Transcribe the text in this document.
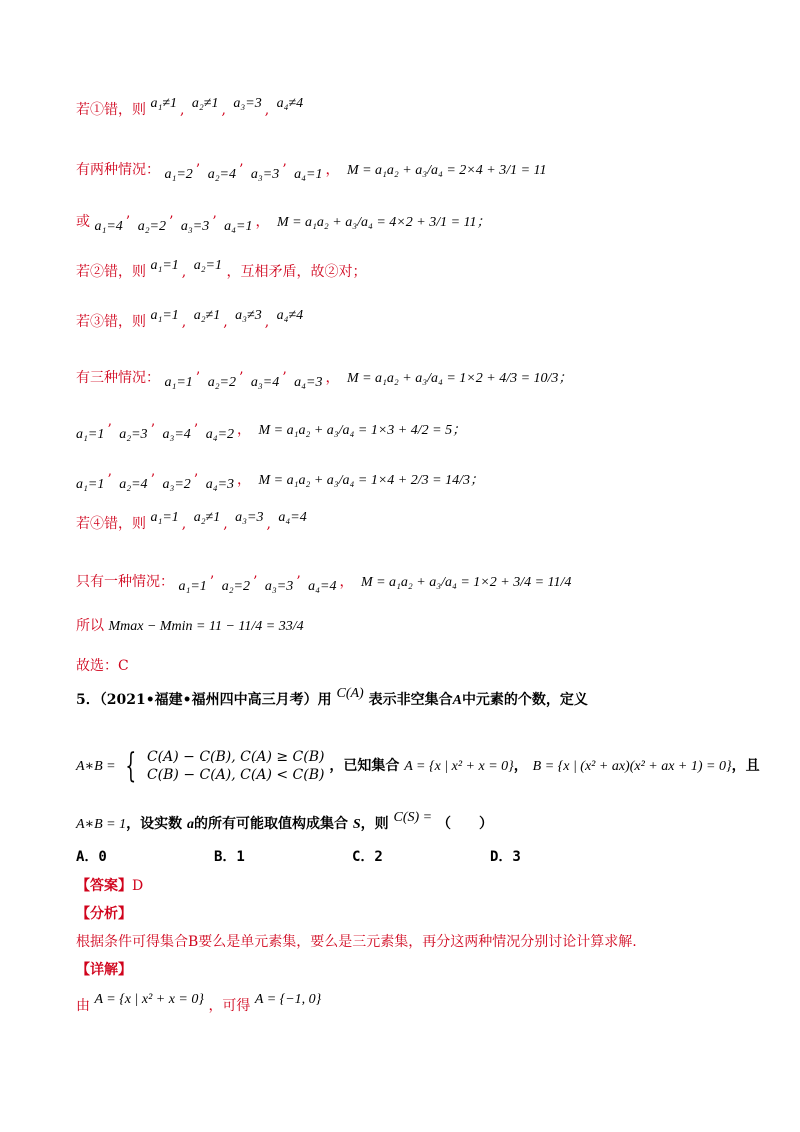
若①错，则 a₁≠1 , a₂≠1 , a₃=3 , a₄≠4
有两种情况： a₁=2 ’ a₂=4 ’ a₃=3 ’ a₄=1 ， M = a₁a₂ + a₃/a₄ = 2×4 + 3/1 = 11
或 a₁=4 ’ a₂=2 ’ a₃=3 ’ a₄=1 ， M = a₁a₂ + a₃/a₄ = 4×2 + 3/1 = 11；
若②错，则 a₁=1 , a₂=1 ，互相矛盾，故②对；
若③错，则 a₁=1 , a₂≠1 , a₃≠3 , a₄≠4
有三种情况： a₁=1 ’ a₂=2 ’ a₃=4 ’ a₄=3 ， M = a₁a₂ + a₃/a₄ = 1×2 + 4/3 = 10/3；
a₁=1 ’ a₂=3 ’ a₃=4 ’ a₄=2 ， M = a₁a₂ + a₃/a₄ = 1×3 + 4/2 = 5；
a₁=1 ’ a₂=4 ’ a₃=2 ’ a₄=3 ， M = a₁a₂ + a₃/a₄ = 1×4 + 2/3 = 14/3；
若④错，则 a₁=1 , a₂≠1 , a₃=3 , a₄=4
只有一种情况： a₁=1 ’ a₂=2 ’ a₃=3 ’ a₄=4 ， M = a₁a₂ + a₃/a₄ = 1×2 + 3/4 = 11/4
所以 Mmax − Mmin = 11 − 11/4 = 33/4
故选：C
5．（2021•福建•福州四中高三月考）用 C(A) 表示非空集合A中元素的个数，定义
A∗B = { C(A) − C(B), C(A) ≥ C(B)
C(B) − C(A), C(A) < C(B)
，已知集合 A = {x | x² + x = 0}， B = {x | (x² + ax)(x² + ax + 1) = 0}，且
A∗B = 1，设实数 a的所有可能取值构成集合 S，则 C(S) = （　　）
A．0	B．1	C．2	D．3
【答案】D
【分析】
根据条件可得集合B要么是单元素集，要么是三元素集，再分这两种情况分别讨论计算求解.
【详解】
由 A = {x | x² + x = 0} ，可得 A = {−1, 0}
